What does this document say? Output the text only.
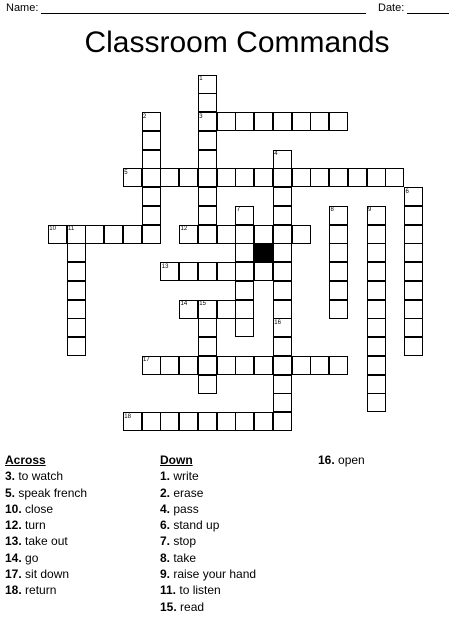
Name:	Date:
Classroom Commands
1
2	3
4
5
6
7	8	9
10 11	12
13
14 15
16
17
18
Across
3. to watch
5. speak french
10. close
12. turn
13. take out
14. go
17. sit down
18. return
Down
1. write
2. erase
4. pass
6. stand up
7. stop
8. take
9. raise your hand
11. to listen
15. read
16. open
